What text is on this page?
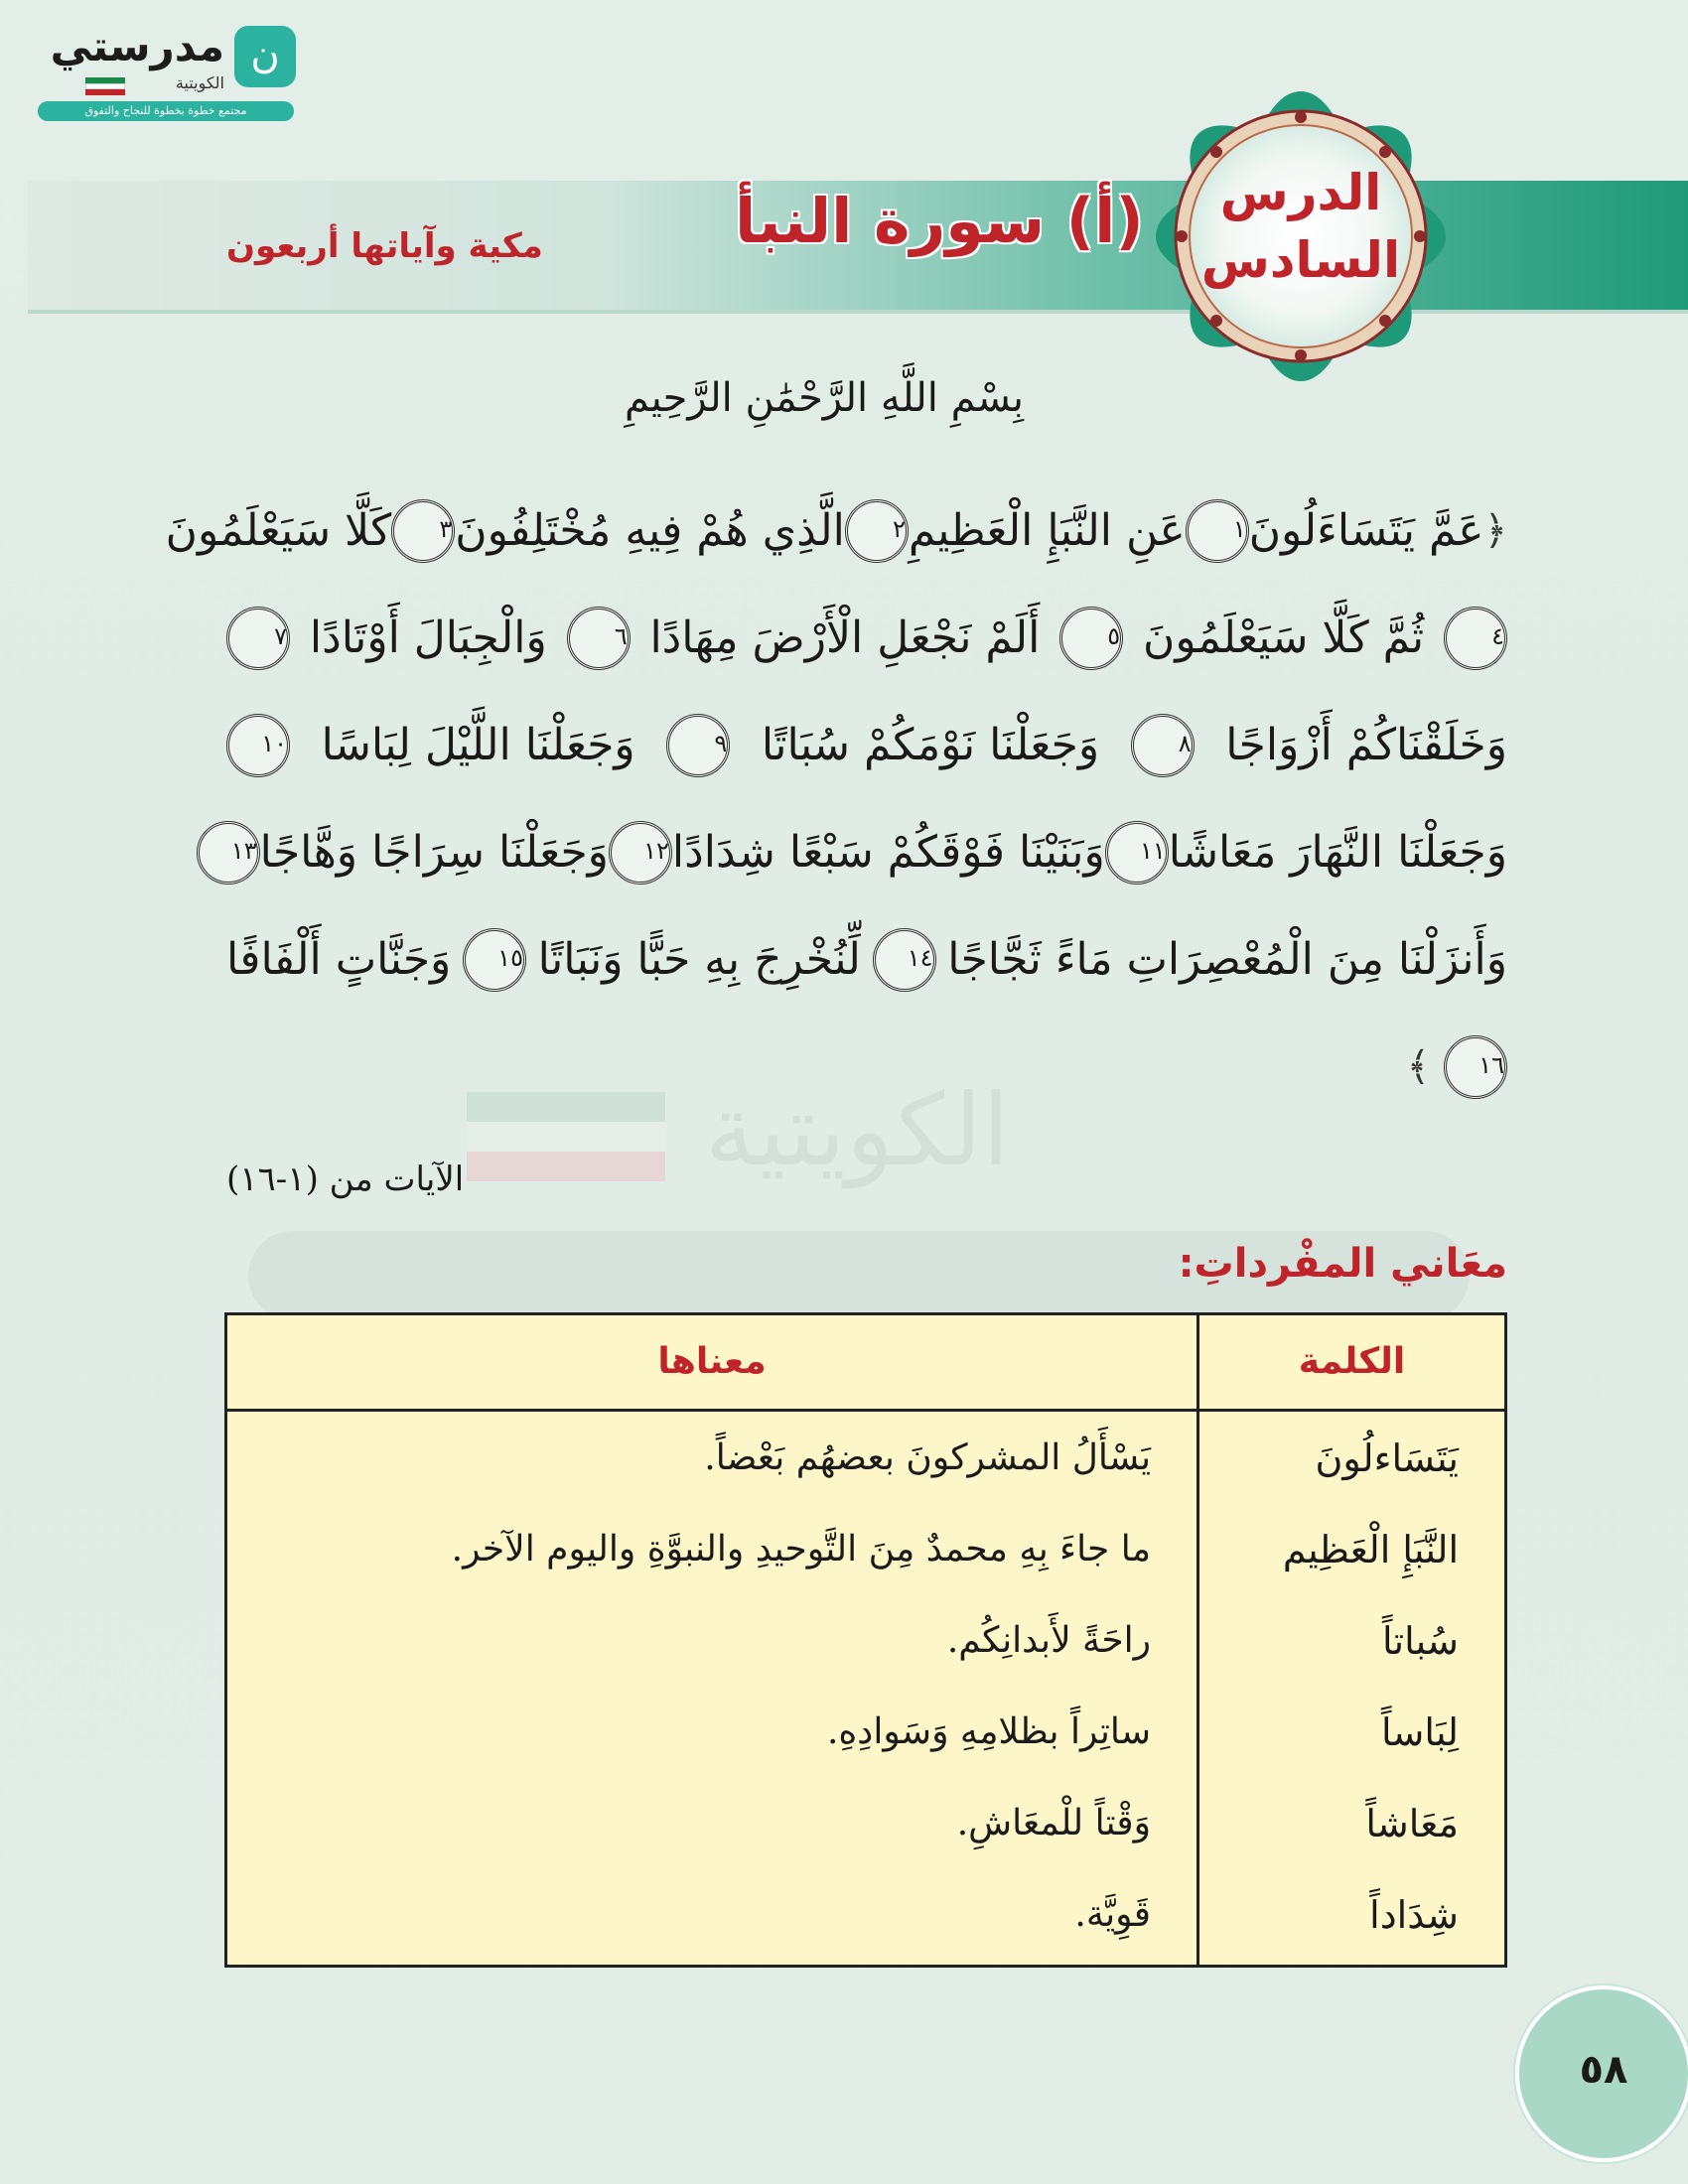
الكويتية
ن
مدرستي
الكويتية
مجتمع خطوة بخطوة للنجاح والتفوق
(أ) سورة النبأ
مكية وآياتها أربعون
الدرس
السادس
بِسْمِ اللَّهِ الرَّحْمَٰنِ الرَّحِيمِ
﴿
عَمَّ يَتَسَاءَلُونَ
١
عَنِ النَّبَإِ الْعَظِيمِ
٢
الَّذِي هُمْ فِيهِ مُخْتَلِفُونَ
٣
كَلَّا سَيَعْلَمُونَ
٤
ثُمَّ كَلَّا سَيَعْلَمُونَ
٥
أَلَمْ نَجْعَلِ الْأَرْضَ مِهَادًا
٦
وَالْجِبَالَ أَوْتَادًا
٧
وَخَلَقْنَاكُمْ أَزْوَاجًا
٨
وَجَعَلْنَا نَوْمَكُمْ سُبَاتًا
٩
وَجَعَلْنَا اللَّيْلَ لِبَاسًا
١٠
وَجَعَلْنَا النَّهَارَ مَعَاشًا
١١
وَبَنَيْنَا فَوْقَكُمْ سَبْعًا شِدَادًا
١٢
وَجَعَلْنَا سِرَاجًا وَهَّاجًا
١٣
وَأَنزَلْنَا مِنَ الْمُعْصِرَاتِ مَاءً ثَجَّاجًا
١٤
لِّنُخْرِجَ بِهِ حَبًّا وَنَبَاتًا
١٥
وَجَنَّاتٍ أَلْفَافًا
١٦
﴾
الآيات من (١-١٦)
معَاني المفْرداتِ:
الكلمة
معناها
يَتَسَاءلُونَ
يَسْأَلُ المشركونَ بعضهُم بَعْضاً.
النَّبَإِ الْعَظِيم
ما جاءَ بِهِ محمدٌ مِنَ التَّوحيدِ والنبوَّةِ واليوم الآخر.
سُباتاً
راحَةً لأَبدانِكُم.
لِبَاساً
ساتِراً بظلامِهِ وَسَوادِهِ.
مَعَاشاً
وَقْتاً للْمعَاشِ.
شِدَاداً
قَوِيَّة.
٥٨
